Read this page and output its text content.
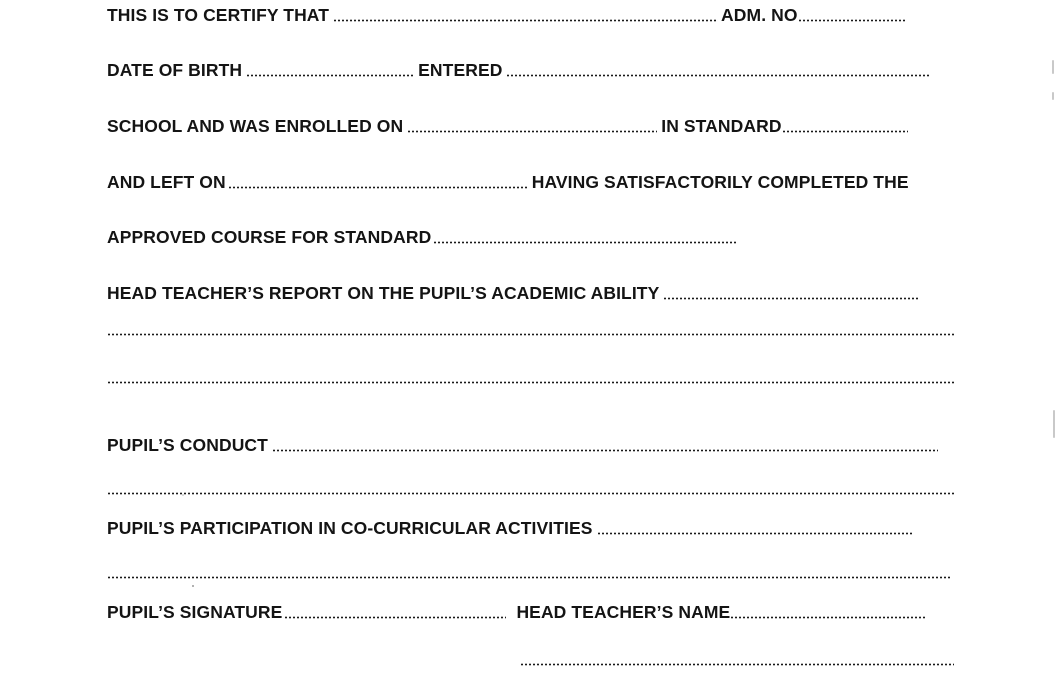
THIS IS TO CERTIFY THAT	ADM. NO
DATE OF BIRTH	ENTERED
SCHOOL AND WAS ENROLLED ON	IN STANDARD
AND LEFT ON	HAVING SATISFACTORILY COMPLETED THE
APPROVED COURSE FOR STANDARD
HEAD TEACHER’S REPORT ON THE PUPIL’S ACADEMIC ABILITY
PUPIL’S CONDUCT
PUPIL’S PARTICIPATION IN CO-CURRICULAR ACTIVITIES
PUPIL’S SIGNATURE	HEAD TEACHER’S NAME
